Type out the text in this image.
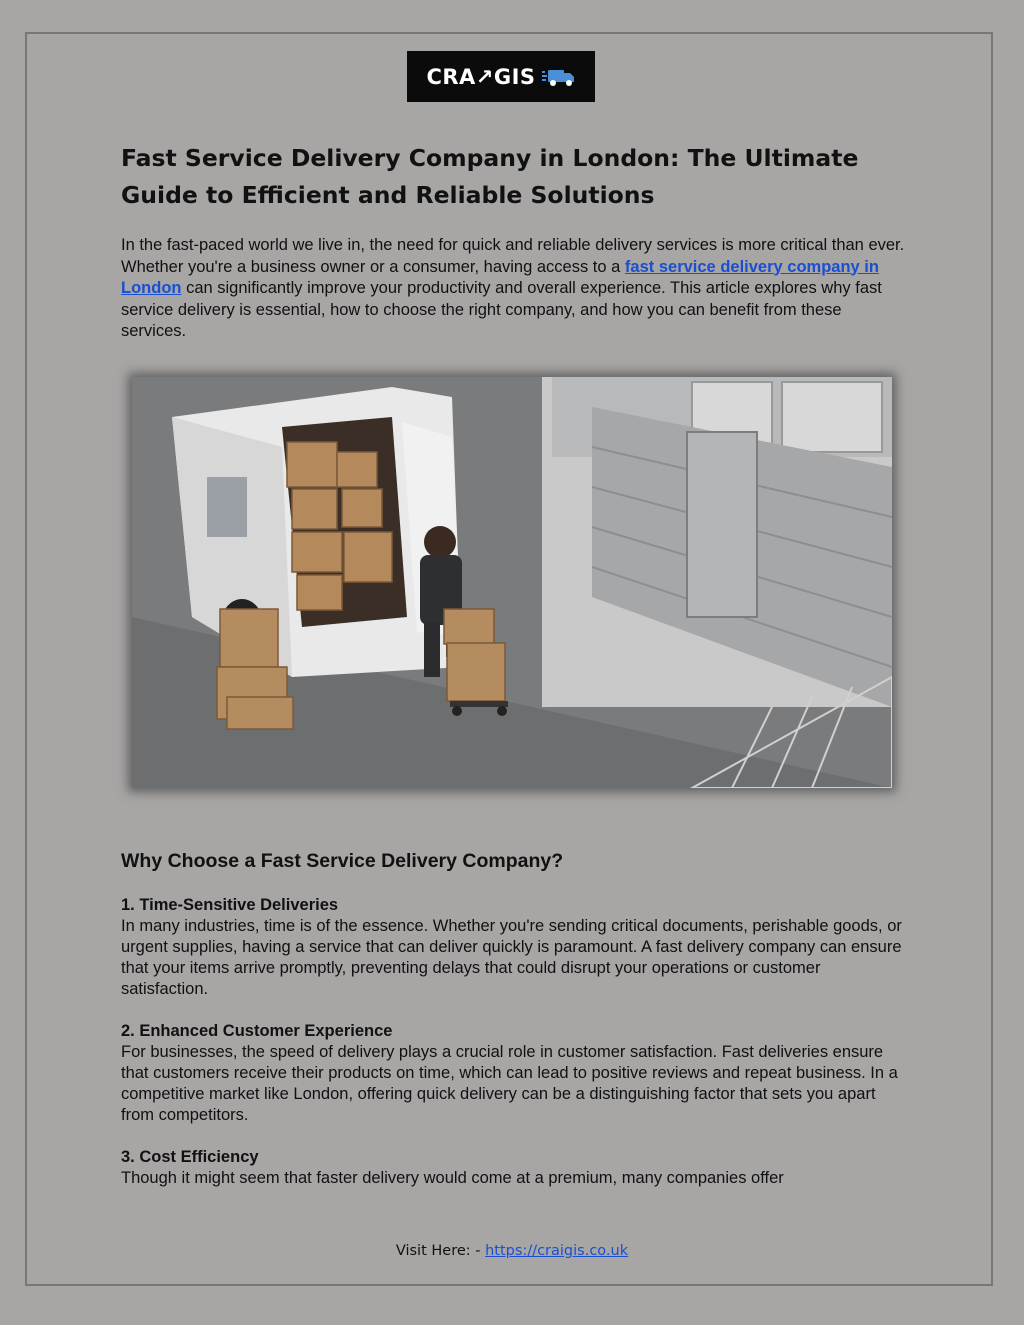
CRA↗GIS
Fast Service Delivery Company in London: The Ultimate Guide to Efficient and Reliable Solutions

In the fast-paced world we live in, the need for quick and reliable delivery services is more critical than ever. Whether you're a business owner or a consumer, having access to a fast service delivery company in London can significantly improve your productivity and overall experience. This article explores why fast service delivery is essential, how to choose the right company, and how you can benefit from these services.

Why Choose a Fast Service Delivery Company?

1. Time-Sensitive Deliveries

In many industries, time is of the essence. Whether you're sending critical documents, perishable goods, or urgent supplies, having a service that can deliver quickly is paramount. A fast delivery company can ensure that your items arrive promptly, preventing delays that could disrupt your operations or customer satisfaction.

2. Enhanced Customer Experience

For businesses, the speed of delivery plays a crucial role in customer satisfaction. Fast deliveries ensure that customers receive their products on time, which can lead to positive reviews and repeat business. In a competitive market like London, offering quick delivery can be a distinguishing factor that sets you apart from competitors.

3. Cost Efficiency

Though it might seem that faster delivery would come at a premium, many companies offer

Visit Here: - https://craigis.co.uk
